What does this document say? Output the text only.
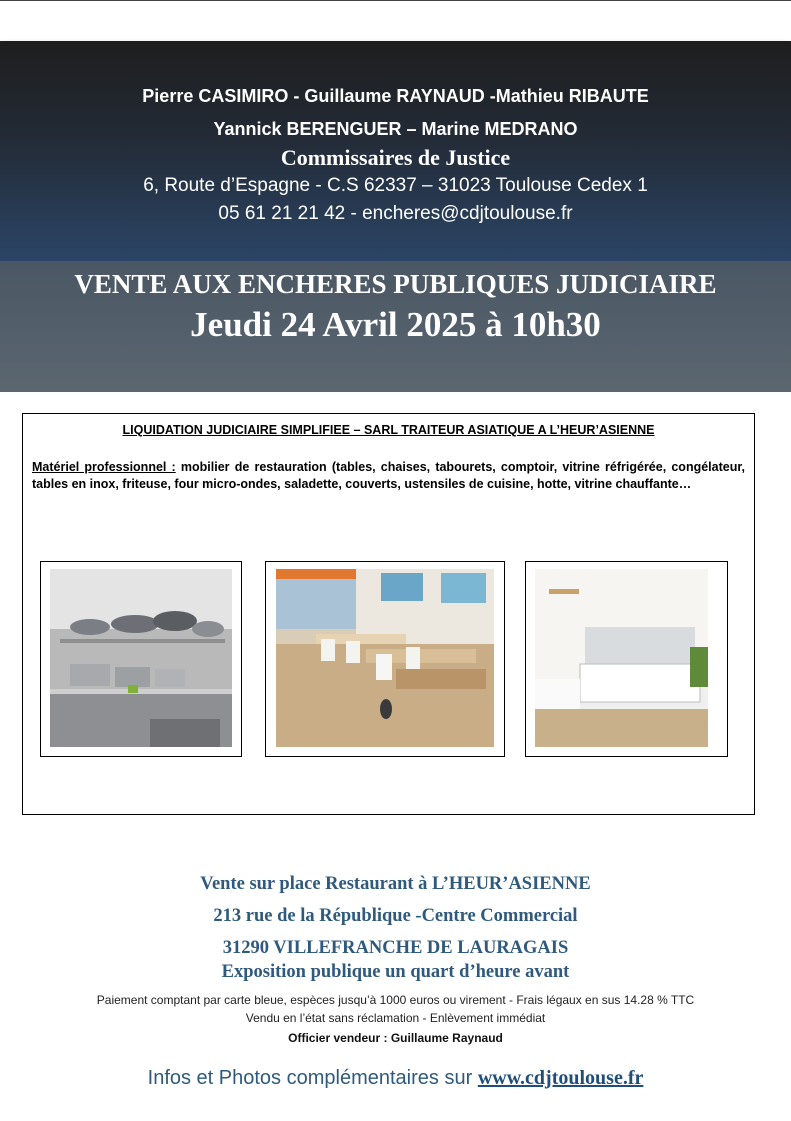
Pierre CASIMIRO - Guillaume RAYNAUD -Mathieu RIBAUTE
Yannick BERENGUER – Marine MEDRANO
Commissaires de Justice
6, Route d’Espagne - C.S 62337 – 31023 Toulouse Cedex 1
05 61 21 21 42 - encheres@cdjtoulouse.fr
VENTE AUX ENCHERES PUBLIQUES JUDICIAIRE
Jeudi 24 Avril 2025 à 10h30
LIQUIDATION JUDICIAIRE SIMPLIFIEE – SARL TRAITEUR ASIATIQUE A L’HEUR’ASIENNE
Matériel professionnel : mobilier de restauration (tables, chaises, tabourets, comptoir, vitrine réfrigérée, congélateur, tables en inox, friteuse, four micro-ondes, saladette, couverts, ustensiles de cuisine, hotte, vitrine chauffante…
Vente sur place Restaurant à L’HEUR’ASIENNE
213 rue de la République -Centre Commercial
31290 VILLEFRANCHE DE LAURAGAIS
Exposition publique un quart d’heure avant
Paiement comptant par carte bleue, espèces jusqu’à 1000 euros ou virement - Frais légaux en sus 14.28 % TTC
Vendu en l’état sans réclamation - Enlèvement immédiat
Officier vendeur : Guillaume Raynaud
Infos et Photos complémentaires sur www.cdjtoulouse.fr
